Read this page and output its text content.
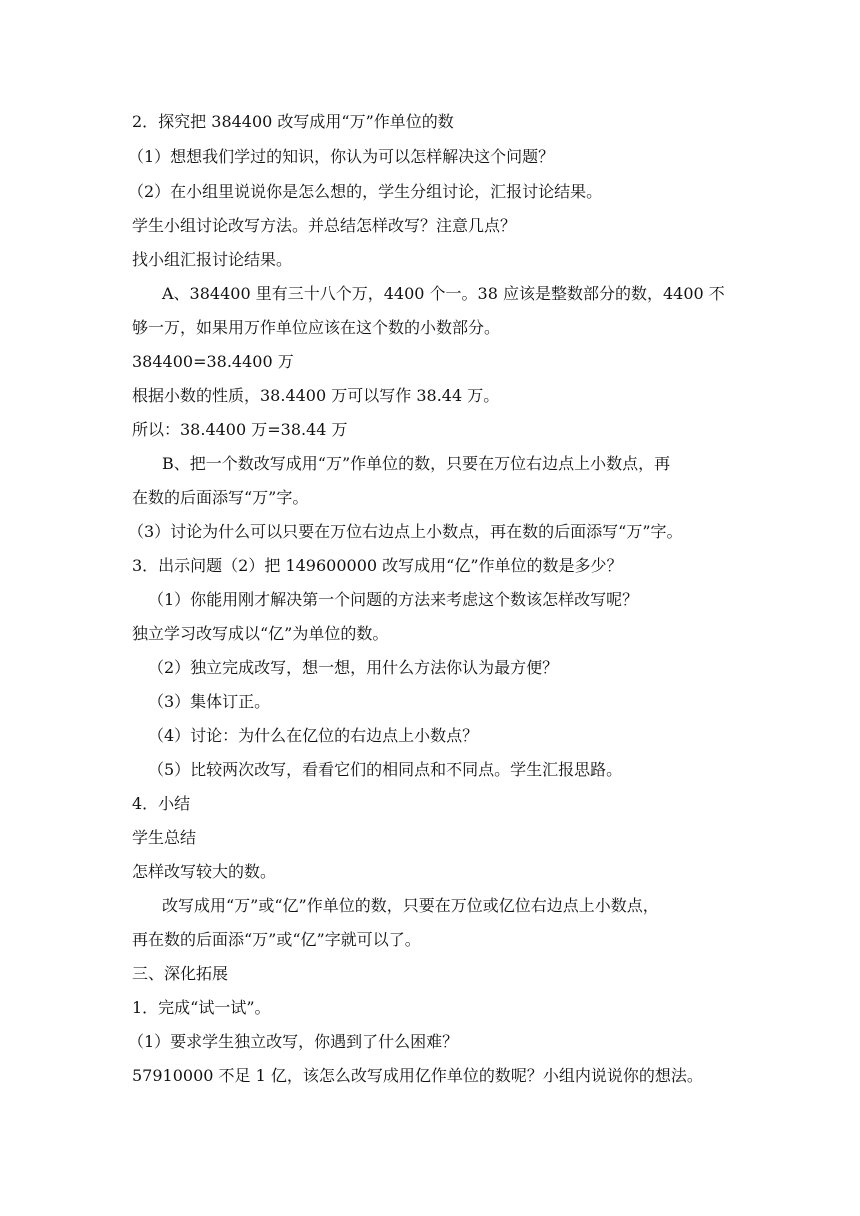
2．探究把 384400 改写成用“万”作单位的数
（1）想想我们学过的知识，你认为可以怎样解决这个问题？
（2）在小组里说说你是怎么想的，学生分组讨论，汇报讨论结果。
学生小组讨论改写方法。并总结怎样改写？注意几点？
找小组汇报讨论结果。
A、384400 里有三十八个万，4400 个一。38 应该是整数部分的数，4400 不
够一万，如果用万作单位应该在这个数的小数部分。
384400=38.4400 万
根据小数的性质，38.4400 万可以写作 38.44 万。
所以：38.4400 万=38.44 万
B、把一个数改写成用“万”作单位的数，只要在万位右边点上小数点，再
在数的后面添写“万”字。
（3）讨论为什么可以只要在万位右边点上小数点，再在数的后面添写“万”字。
3．出示问题（2）把 149600000 改写成用“亿”作单位的数是多少？
（1）你能用刚才解决第一个问题的方法来考虑这个数该怎样改写呢？
独立学习改写成以“亿”为单位的数。
（2）独立完成改写，想一想，用什么方法你认为最方便？
（3）集体订正。
（4）讨论：为什么在亿位的右边点上小数点？
（5）比较两次改写，看看它们的相同点和不同点。学生汇报思路。
4．小结
学生总结
怎样改写较大的数。
改写成用“万”或“亿”作单位的数，只要在万位或亿位右边点上小数点，
再在数的后面添“万”或“亿”字就可以了。
三、深化拓展
1．完成“试一试”。
（1）要求学生独立改写，你遇到了什么困难？
57910000 不足 1 亿，该怎么改写成用亿作单位的数呢？小组内说说你的想法。
